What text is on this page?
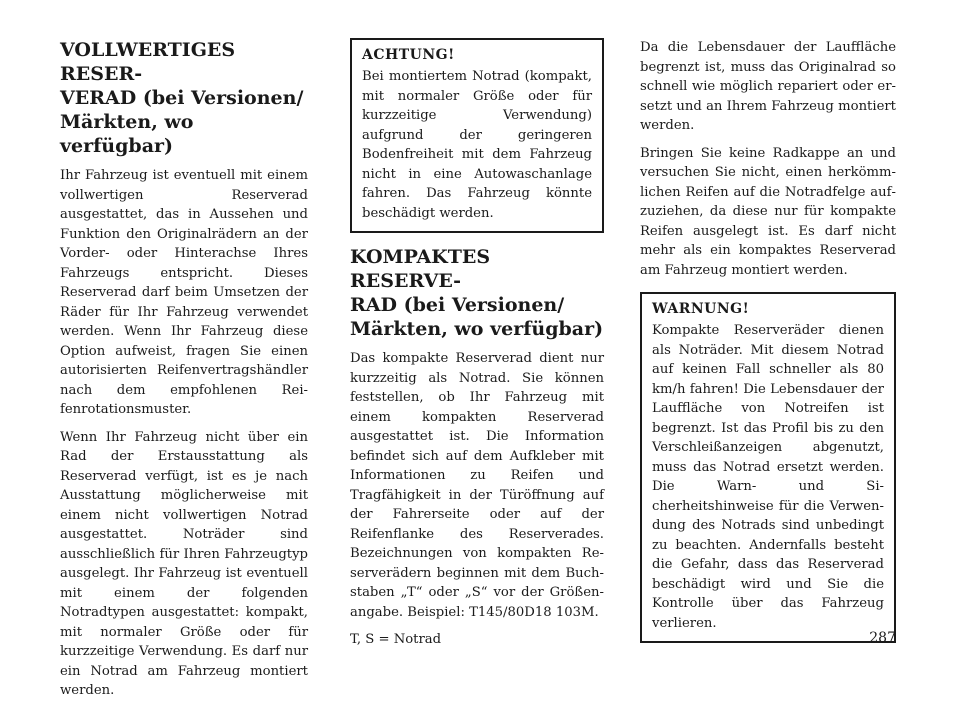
VOLLWERTIGES RESER-
VERAD (bei Versionen/
Märkten, wo verfügbar)

Ihr Fahrzeug ist eventuell mit einem vollwertigen Reserverad ausgestattet, das in Aussehen und Funktion den Originalrädern an der Vorder- oder Hinterachse Ihres Fahrzeugs entspricht. Dieses Reserverad darf beim Umsetzen der Räder für Ihr Fahrzeug verwendet werden. Wenn Ihr Fahrzeug diese Option aufweist, fragen Sie einen autorisierten Reifenvertragshändler nach dem empfohlenen Reifenrotationsmuster.

Wenn Ihr Fahrzeug nicht über ein Rad der Erstausstattung als Reserverad verfügt, ist es je nach Ausstattung möglicherweise mit einem nicht vollwertigen Notrad ausgestattet. Noträder sind ausschließlich für Ihren Fahrzeugtyp ausgelegt. Ihr Fahrzeug ist eventuell mit einem der folgenden Notradtypen ausgestattet: kompakt, mit normaler Größe oder für kurzzeitige Verwendung. Es darf nur ein Notrad am Fahrzeug montiert werden.

ACHTUNG!

Bei montiertem Notrad (kompakt, mit normaler Größe oder für kurzzeitige Verwendung) aufgrund der geringeren Bodenfreiheit mit dem Fahrzeug nicht in eine Autowaschanlage fahren. Das Fahrzeug könnte beschädigt werden.

KOMPAKTES RESERVE-
RAD (bei Versionen/
Märkten, wo verfügbar)

Das kompakte Reserverad dient nur kurzzeitig als Notrad. Sie können feststellen, ob Ihr Fahrzeug mit einem kompakten Reserverad ausgestattet ist. Die Information befindet sich auf dem Aufkleber mit Informationen zu Reifen und Tragfähigkeit in der Türöffnung auf der Fahrerseite oder auf der Reifenflanke des Reserverades. Bezeichnungen von kompakten Reserverädern beginnen mit dem Buchstaben „T“ oder „S“ vor der Größenangabe. Beispiel: T145/80D18 103M.

T, S = Notrad

Da die Lebensdauer der Lauffläche begrenzt ist, muss das Originalrad so schnell wie möglich repariert oder ersetzt und an Ihrem Fahrzeug montiert werden.

Bringen Sie keine Radkappe an und versuchen Sie nicht, einen herkömmlichen Reifen auf die Notradfelge aufzuziehen, da diese nur für kompakte Reifen ausgelegt ist. Es darf nicht mehr als ein kompaktes Reserverad am Fahrzeug montiert werden.

WARNUNG!

Kompakte Reserveräder dienen als Noträder. Mit diesem Notrad auf keinen Fall schneller als 80 km/h fahren! Die Lebensdauer der Lauffläche von Notreifen ist begrenzt. Ist das Profil bis zu den Verschleißanzeigen abgenutzt, muss das Notrad ersetzt werden. Die Warn- und Sicherheitshinweise für die Verwendung des Notrads sind unbedingt zu beachten. Andernfalls besteht die Gefahr, dass das Reserverad beschädigt wird und Sie die Kontrolle über das Fahrzeug verlieren.

287
